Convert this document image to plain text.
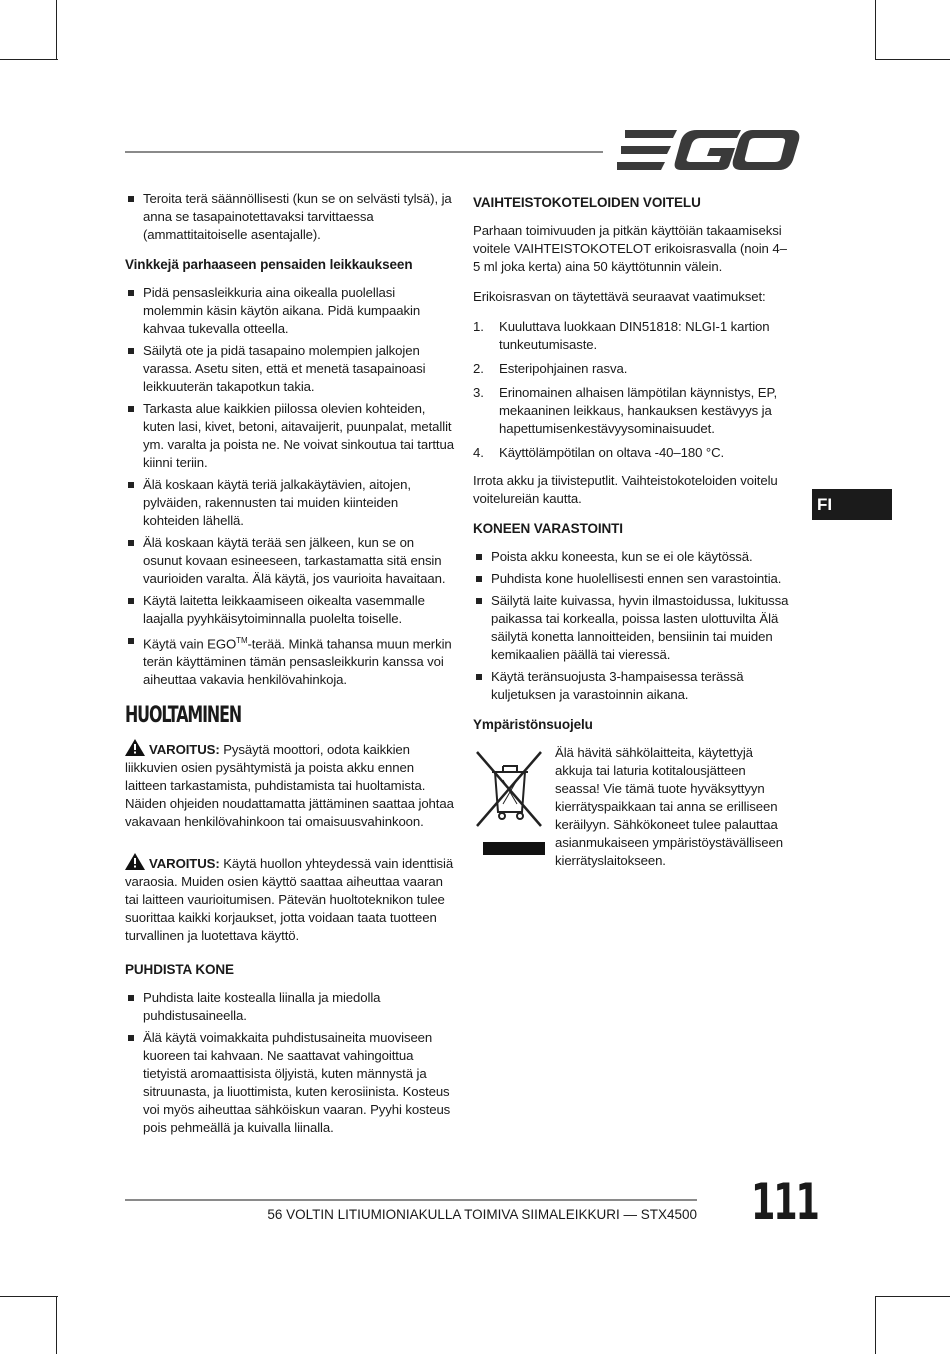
Teroita terä säännöllisesti (kun se on selvästi tylsä), ja anna se tasapainotettavaksi tarvittaessa (ammattitaitoiselle asentajalle).
Vinkkejä parhaaseen pensaiden leikkaukseen
Pidä pensasleikkuria aina oikealla puolellasi molemmin käsin käytön aikana. Pidä kumpaakin kahvaa tukevalla otteella.
Säilytä ote ja pidä tasapaino molempien jalkojen varassa. Asetu siten, että et menetä tasapainoasi leikkuuterän takapotkun takia.
Tarkasta alue kaikkien piilossa olevien kohteiden, kuten lasi, kivet, betoni, aitavaijerit, puunpalat, metallit ym. varalta ja poista ne. Ne voivat sinkoutua tai tarttua kiinni teriin.
Älä koskaan käytä teriä jalkakäytävien, aitojen, pylväiden, rakennusten tai muiden kiinteiden kohteiden lähellä.
Älä koskaan käytä terää sen jälkeen, kun se on osunut kovaan esineeseen, tarkastamatta sitä ensin vaurioiden varalta. Älä käytä, jos vaurioita havaitaan.
Käytä laitetta leikkaamiseen oikealta vasemmalle laajalla pyyhkäisytoiminnalla puolelta toiselle.
Käytä vain EGO™-terää. Minkä tahansa muun merkin terän käyttäminen tämän pensasleikkurin kanssa voi aiheuttaa vakavia henkilövahinkoja.
HUOLTAMINEN

VAROITUS: Pysäytä moottori, odota kaikkien liikkuvien osien pysähtymistä ja poista akku ennen laitteen tarkastamista, puhdistamista tai huoltamista. Näiden ohjeiden noudattamatta jättäminen saattaa johtaa vakavaan henkilövahinkoon tai omaisuusvahinkoon.

VAROITUS: Käytä huollon yhteydessä vain identtisiä varaosia. Muiden osien käyttö saattaa aiheuttaa vaaran tai laitteen vaurioitumisen. Pätevän huoltoteknikon tulee suorittaa kaikki korjaukset, jotta voidaan taata tuotteen turvallinen ja luotettava käyttö.

PUHDISTA KONE
Puhdista laite kostealla liinalla ja miedolla puhdistusaineella.
Älä käytä voimakkaita puhdistusaineita muoviseen kuoreen tai kahvaan. Ne saattavat vahingoittua tietyistä aromaattisista öljyistä, kuten männystä ja sitruunasta, ja liuottimista, kuten kerosiinista. Kosteus voi myös aiheuttaa sähköiskun vaaran. Pyyhi kosteus pois pehmeällä ja kuivalla liinalla.
VAIHTEISTOKOTELOIDEN VOITELU

Parhaan toimivuuden ja pitkän käyttöiän takaamiseksi voitele VAIHTEISTOKOTELOT erikoisrasvalla (noin 4–5 ml joka kerta) aina 50 käyttötunnin välein.

Erikoisrasvan on täytettävä seuraavat vaatimukset:

1. Kuuluttava luokkaan DIN51818: NLGI-1 kartion tunkeutumisaste.
2. Esteripohjainen rasva.
3. Erinomainen alhaisen lämpötilan käynnistys, EP, mekaaninen leikkaus, hankauksen kestävyys ja hapettumisenkestävyysominaisuudet.
4. Käyttölämpötilan on oltava -40–180 °C.

Irrota akku ja tiivisteputlit. Vaihteistokoteloiden voitelu voitelureiän kautta.

KONEEN VARASTOINTI
Poista akku koneesta, kun se ei ole käytössä.
Puhdista kone huolellisesti ennen sen varastointia.
Säilytä laite kuivassa, hyvin ilmastoidussa, lukitussa paikassa tai korkealla, poissa lasten ulottuvilta Älä säilytä konetta lannoitteiden, bensiinin tai muiden kemikaalien päällä tai vieressä.
Käytä teränsuojusta 3-hampaisessa terässä kuljetuksen ja varastoinnin aikana.
Ympäristönsuojelu
Älä hävitä sähkölaitteita, käytettyjä akkuja tai laturia kotitalousjätteen seassa! Vie tämä tuote hyväksyttyyn kierrätyspaikkaan tai anna se erilliseen keräilyyn. Sähkökoneet tulee palauttaa asianmukaiseen ympäristöystävälliseen kierrätyslaitokseen.
FI
56 VOLTIN LITIUMIONIAKULLA TOIMIVA SIIMALEIKKURI — STX4500 111
